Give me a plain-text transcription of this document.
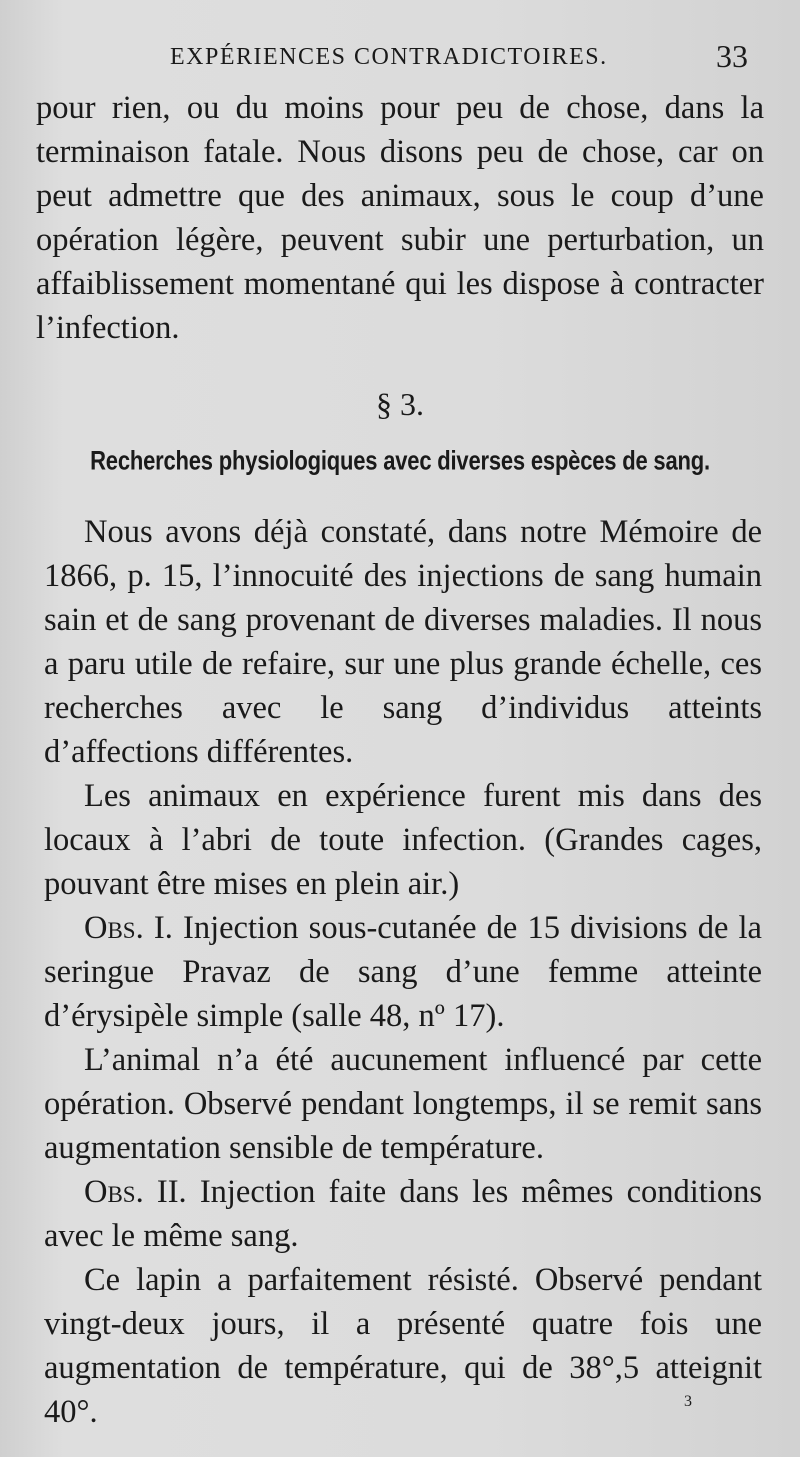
EXPÉRIENCES CONTRADICTOIRES.	33

pour rien, ou du moins pour peu de chose, dans la terminaison fatale. Nous disons peu de chose, car on peut admettre que des animaux, sous le coup d’une opération légère, peuvent subir une perturbation, un affaiblissement momentané qui les dispose à contracter l’infection.

§ 3.
Recherches physiologiques avec diverses espèces de sang.

Nous avons déjà constaté, dans notre Mémoire de 1866, p. 15, l’innocuité des injections de sang humain sain et de sang provenant de diverses maladies. Il nous a paru utile de refaire, sur une plus grande échelle, ces recherches avec le sang d’individus atteints d’affections différentes.

Les animaux en expérience furent mis dans des locaux à l’abri de toute infection. (Grandes cages, pouvant être mises en plein air.)

Obs. I. Injection sous-cutanée de 15 divisions de la seringue Pravaz de sang d’une femme atteinte d’érysipèle simple (salle 48, nº 17).

L’animal n’a été aucunement influencé par cette opération. Observé pendant longtemps, il se remit sans augmentation sensible de température.

Obs. II. Injection faite dans les mêmes conditions avec le même sang.

Ce lapin a parfaitement résisté. Observé pendant vingt-deux jours, il a présenté quatre fois une augmentation de température, qui de 38°,5 atteignit 40°.	3
